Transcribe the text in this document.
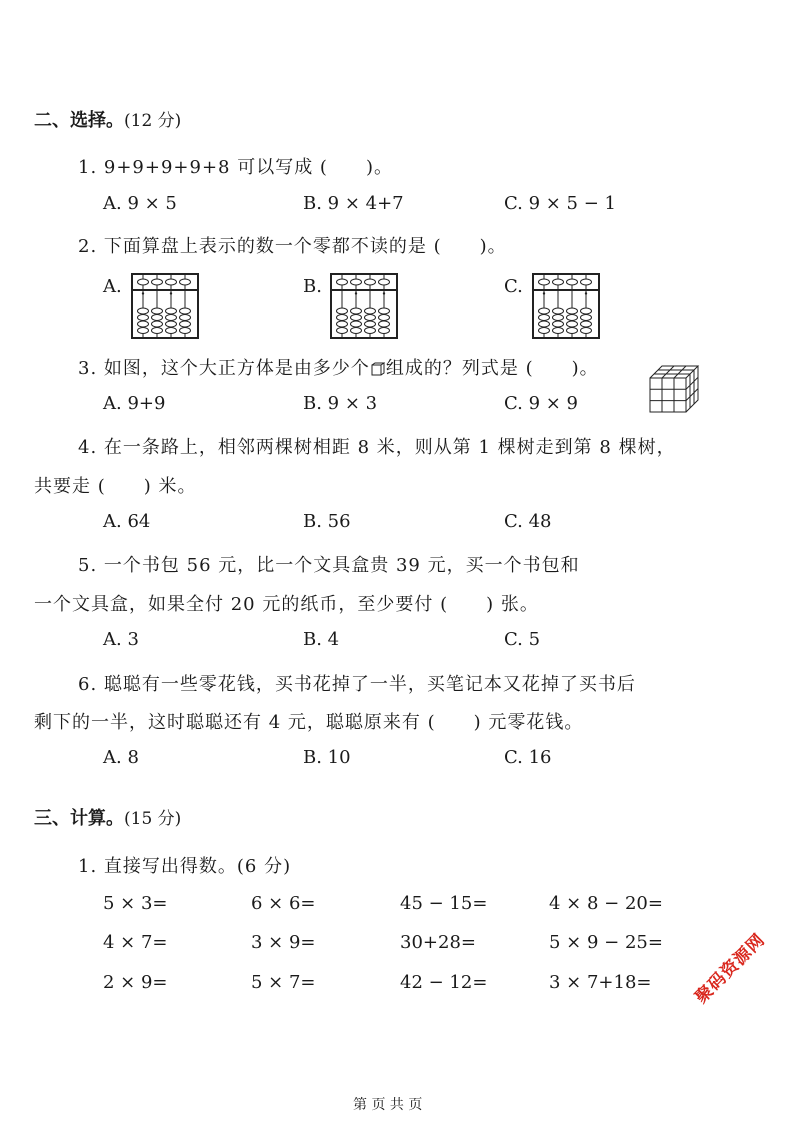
二、选择。(12 分)
1. 9+9+9+9+8 可以写成 (　　)。
A. 9 × 5	B. 9 × 4+7	C. 9 × 5 − 1
2. 下面算盘上表示的数一个零都不读的是 (　　)。
A.	B.	C.
3. 如图，这个大正方体是由多少个 组成的？列式是 (　　)。
A. 9+9	B. 9 × 3	C. 9 × 9
4. 在一条路上，相邻两棵树相距 8 米，则从第 1 棵树走到第 8 棵树，
共要走 (　　) 米。
A. 64	B. 56	C. 48
5. 一个书包 56 元，比一个文具盒贵 39 元，买一个书包和
一个文具盒，如果全付 20 元的纸币，至少要付 (　　) 张。
A. 3	B. 4	C. 5
6. 聪聪有一些零花钱，买书花掉了一半，买笔记本又花掉了买书后
剩下的一半，这时聪聪还有 4 元，聪聪原来有 (　　) 元零花钱。
A. 8	B. 10	C. 16
三、计算。(15 分)
1. 直接写出得数。(6 分)
5 × 3=	6 × 6=	45 − 15=	4 × 8 − 20=
4 × 7=	3 × 9=	30+28=	5 × 9 − 25=
2 × 9=	5 × 7=	42 − 12=	3 × 7+18= 聚码资源网
第 页 共 页
